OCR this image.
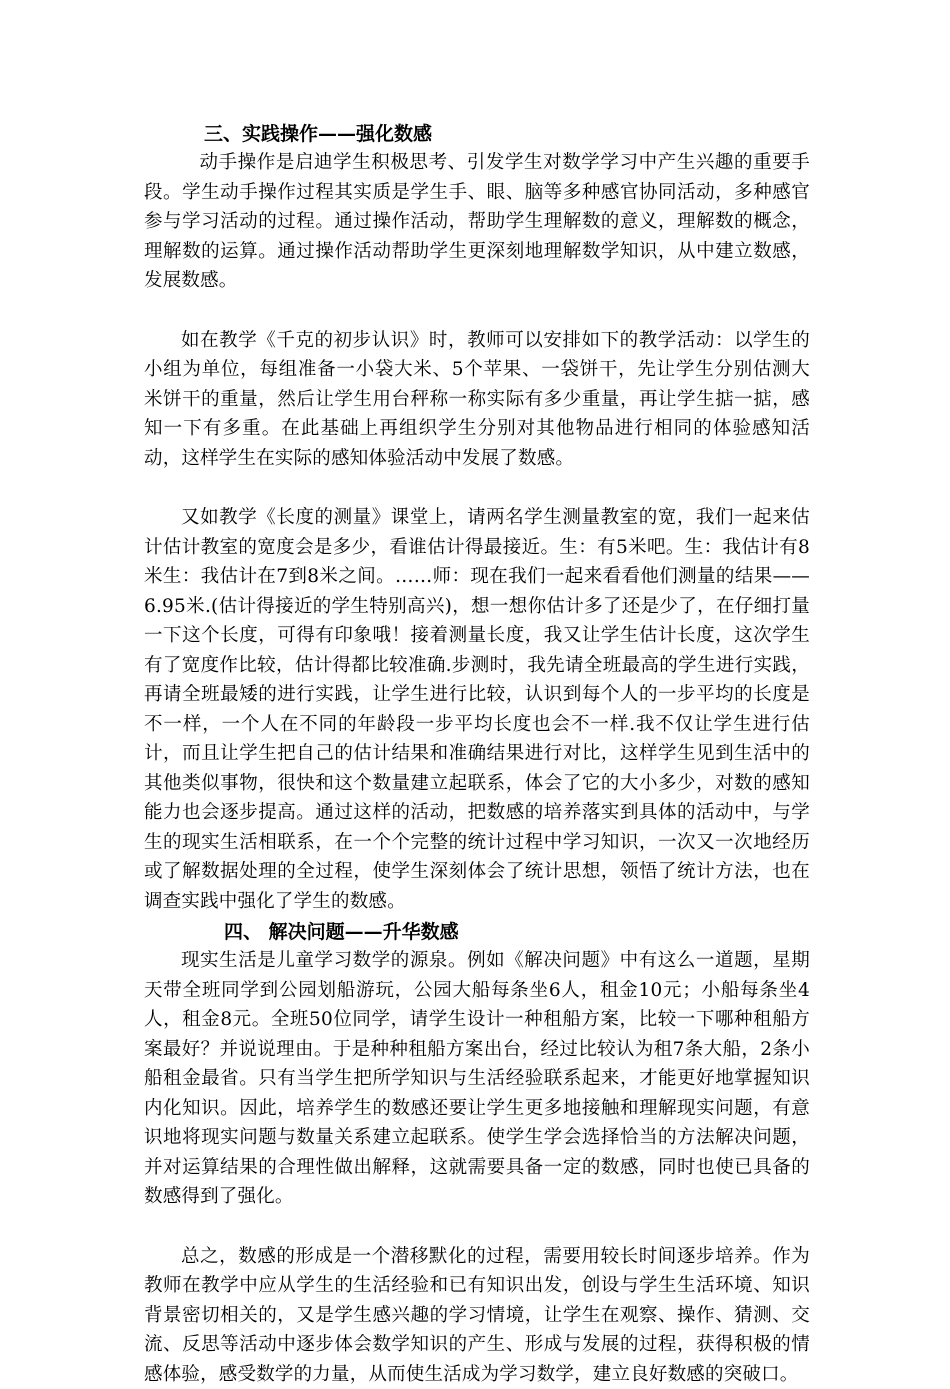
三、实践操作——强化数感

动手操作是启迪学生积极思考、引发学生对数学学习中产生兴趣的重要手段。学生动手操作过程其实质是学生手、眼、脑等多种感官协同活动，多种感官参与学习活动的过程。通过操作活动，帮助学生理解数的意义，理解数的概念，理解数的运算。通过操作活动帮助学生更深刻地理解数学知识，从中建立数感，发展数感。

如在教学《千克的初步认识》时，教师可以安排如下的教学活动：以学生的小组为单位，每组准备一小袋大米、5个苹果、一袋饼干，先让学生分别估测大米饼干的重量，然后让学生用台秤称一称实际有多少重量，再让学生掂一掂，感知一下有多重。在此基础上再组织学生分别对其他物品进行相同的体验感知活动，这样学生在实际的感知体验活动中发展了数感。

又如教学《长度的测量》课堂上，请两名学生测量教室的宽，我们一起来估计估计教室的宽度会是多少，看谁估计得最接近。生：有5米吧。生：我估计有8米生：我估计在7到8米之间。……师：现在我们一起来看看他们测量的结果——6.95米.(估计得接近的学生特别高兴)，想一想你估计多了还是少了，在仔细打量一下这个长度，可得有印象哦！接着测量长度，我又让学生估计长度，这次学生有了宽度作比较，估计得都比较准确.步测时，我先请全班最高的学生进行实践，再请全班最矮的进行实践，让学生进行比较，认识到每个人的一步平均的长度是不一样，一个人在不同的年龄段一步平均长度也会不一样.我不仅让学生进行估计，而且让学生把自己的估计结果和准确结果进行对比，这样学生见到生活中的其他类似事物，很快和这个数量建立起联系，体会了它的大小多少，对数的感知能力也会逐步提高。通过这样的活动，把数感的培养落实到具体的活动中，与学生的现实生活相联系，在一个个完整的统计过程中学习知识，一次又一次地经历或了解数据处理的全过程，使学生深刻体会了统计思想，领悟了统计方法，也在调查实践中强化了学生的数感。

四、 解决问题——升华数感

现实生活是儿童学习数学的源泉。例如《解决问题》中有这么一道题，星期天带全班同学到公园划船游玩，公园大船每条坐6人，租金10元；小船每条坐4人，租金8元。全班50位同学，请学生设计一种租船方案，比较一下哪种租船方案最好？并说说理由。于是种种租船方案出台，经过比较认为租7条大船，2条小船租金最省。只有当学生把所学知识与生活经验联系起来，才能更好地掌握知识内化知识。因此，培养学生的数感还要让学生更多地接触和理解现实问题，有意识地将现实问题与数量关系建立起联系。使学生学会选择恰当的方法解决问题，并对运算结果的合理性做出解释，这就需要具备一定的数感，同时也使已具备的数感得到了强化。

总之，数感的形成是一个潜移默化的过程，需要用较长时间逐步培养。作为教师在教学中应从学生的生活经验和已有知识出发，创设与学生生活环境、知识背景密切相关的，又是学生感兴趣的学习情境，让学生在观察、操作、猜测、交流、反思等活动中逐步体会数学知识的产生、形成与发展的过程，获得积极的情感体验，感受数学的力量，从而使生活成为学习数学，建立良好数感的突破口。
